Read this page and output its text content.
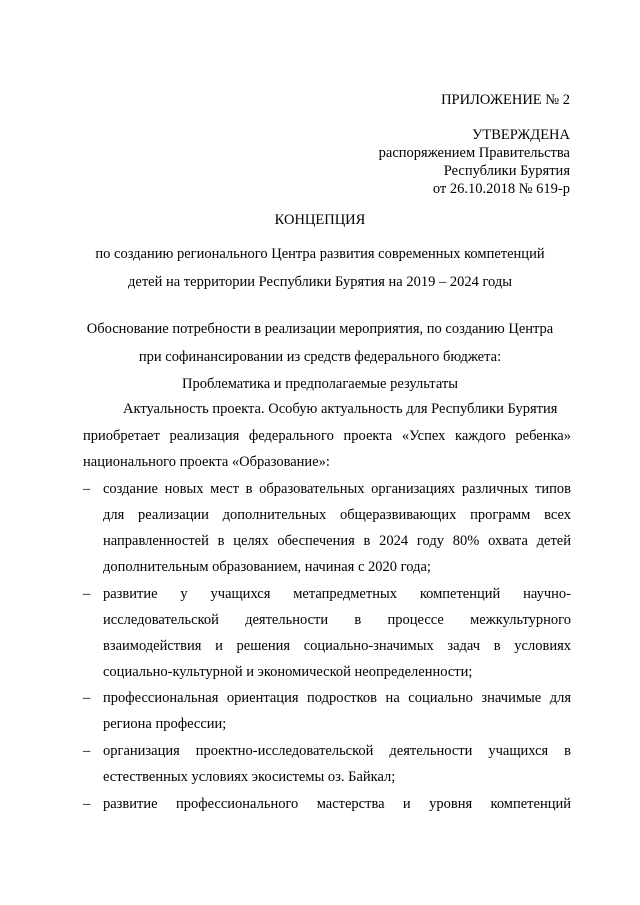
ПРИЛОЖЕНИЕ № 2
УТВЕРЖДЕНА
распоряжением Правительства
Республики Бурятия
от 26.10.2018 № 619-р
КОНЦЕПЦИЯ
по созданию регионального Центра развития современных компетенций
детей на территории Республики Бурятия на 2019 – 2024 годы
Обоснование потребности в реализации мероприятия, по созданию Центра
при софинансировании из средств федерального бюджета:
Проблематика и предполагаемые результаты
Актуальность проекта. Особую актуальность для Республики Бурятия
приобретает реализация федерального проекта «Успех каждого ребенка»
национального проекта «Образование»:
– создание новых мест в образовательных организациях различных типов
для реализации дополнительных общеразвивающих программ всех
направленностей в целях обеспечения в 2024 году 80% охвата детей
дополнительным образованием, начиная с 2020 года;
– развитие у учащихся метапредметных компетенций научно-
исследовательской деятельности в процессе межкультурного
взаимодействия и решения социально-значимых задач в условиях
социально-культурной и экономической неопределенности;
– профессиональная ориентация подростков на социально значимые для
региона профессии;
– организация проектно-исследовательской деятельности учащихся в
естественных условиях экосистемы оз. Байкал;
– развитие профессионального мастерства и уровня компетенций
